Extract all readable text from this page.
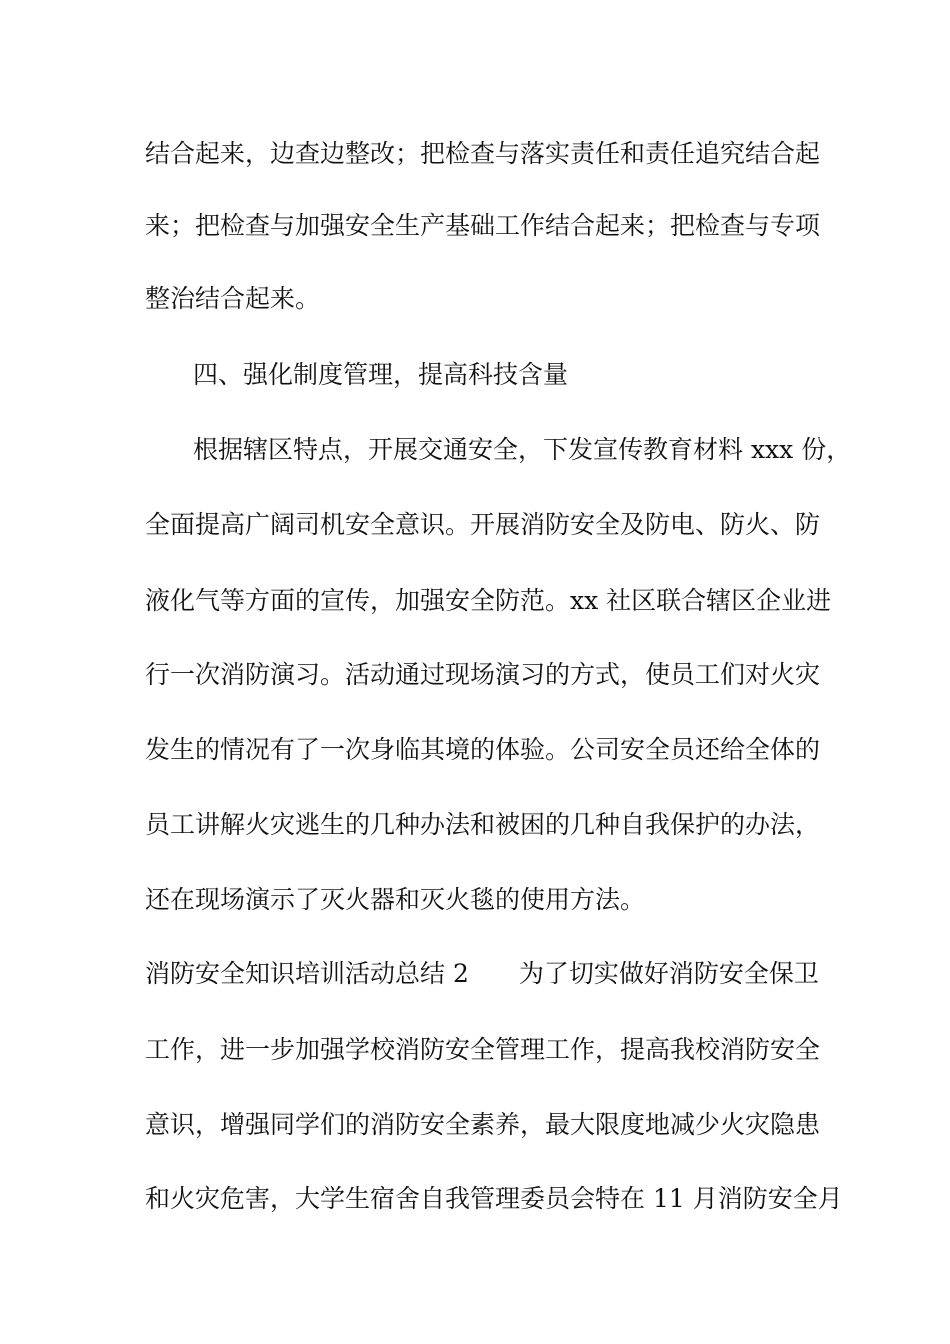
结合起来，边查边整改；把检查与落实责任和责任追究结合起
来；把检查与加强安全生产基础工作结合起来；把检查与专项
整治结合起来。
四、强化制度管理，提高科技含量
根据辖区特点，开展交通安全，下发宣传教育材料 xxx 份，
全面提高广阔司机安全意识。开展消防安全及防电、防火、防
液化气等方面的宣传，加强安全防范。xx 社区联合辖区企业进
行一次消防演习。活动通过现场演习的方式，使员工们对火灾
发生的情况有了一次身临其境的体验。公司安全员还给全体的
员工讲解火灾逃生的几种办法和被困的几种自我保护的办法，
还在现场演示了灭火器和灭火毯的使用方法。
消防安全知识培训活动总结 2 为了切实做好消防安全保卫
工作，进一步加强学校消防安全管理工作，提高我校消防安全
意识，增强同学们的消防安全素养，最大限度地减少火灾隐患
和火灾危害，大学生宿舍自我管理委员会特在 11 月消防安全月
